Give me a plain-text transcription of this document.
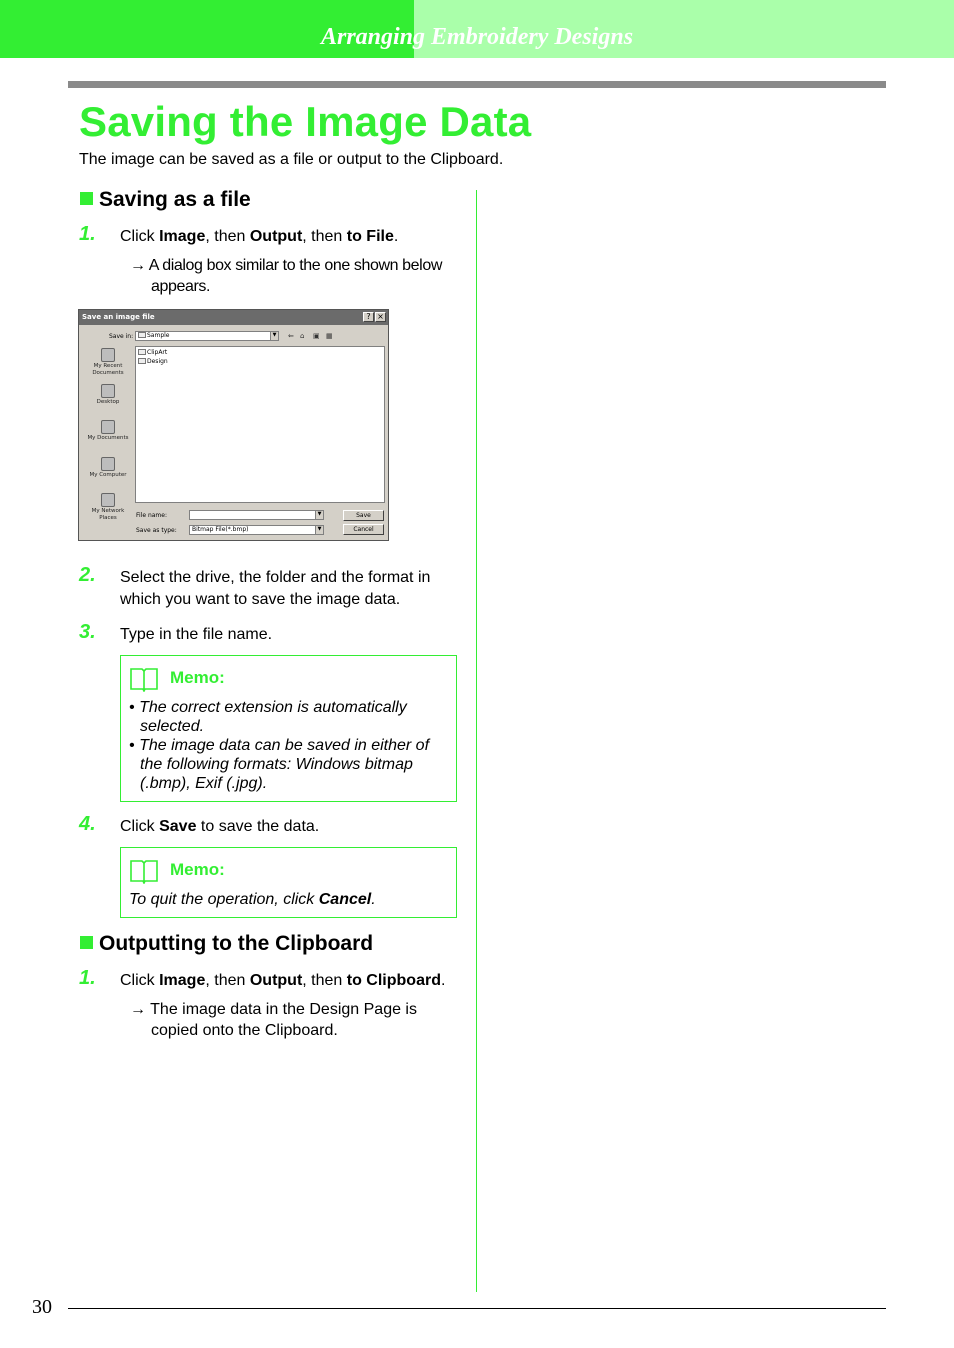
Arranging Embroidery Designs
Saving the Image Data
The image can be saved as a file or output to the Clipboard.
Saving as a file
1. Click Image, then Output, then to File.
→ A dialog box similar to the one shown below
appears.
Save an image file	? ×
Save in:	Sample	▼ ⇐ ⌂ ▣ ▦
My Recent
Documents
Desktop
My Documents
My Computer
My Network
Places
ClipArt
Design
File name:	▼	Save
Save as type:	Bitmap File(*.bmp)	▼	Cancel
2. Select the drive, the folder and the format in
which you want to save the image data.
3. Type in the file name.
Memo:
• The correct extension is automatically
selected.
• The image data can be saved in either of
the following formats: Windows bitmap
(.bmp), Exif (.jpg).
4. Click Save to save the data.
Memo:
To quit the operation, click Cancel.
Outputting to the Clipboard
1. Click Image, then Output, then to Clipboard.
→ The image data in the Design Page is
copied onto the Clipboard.
30
